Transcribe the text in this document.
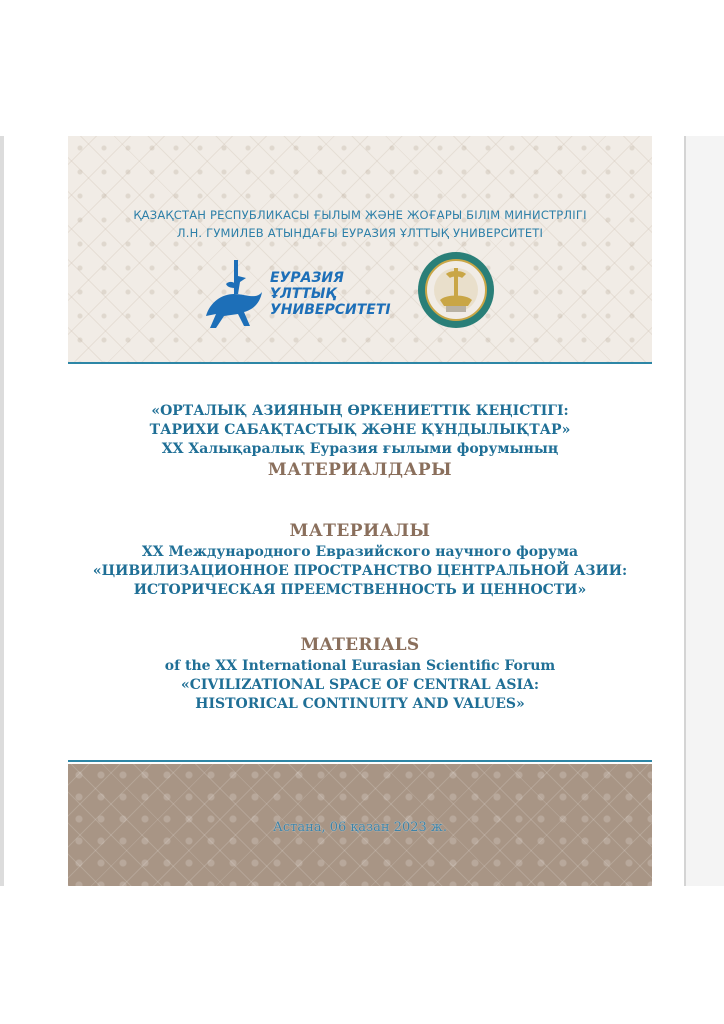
ҚАЗАҚСТАН РЕСПУБЛИКАСЫ ҒЫЛЫМ ЖӘНЕ ЖОҒАРЫ БІЛІМ МИНИСТРЛІГІ
Л.Н. ГУМИЛЕВ АТЫНДАҒЫ ЕУРАЗИЯ ҰЛТТЫҚ УНИВЕРСИТЕТІ
ЕУРАЗИЯ
ҰЛТТЫҚ
УНИВЕРСИТЕТІ
«ОРТАЛЫҚ АЗИЯНЫҢ ӨРКЕНИЕТТІК КЕҢІСТІГІ:
ТАРИХИ САБАҚТАСТЫҚ ЖӘНЕ ҚҰНДЫЛЫҚТАР»
XX Халықаралық Еуразия ғылыми форумының
МАТЕРИАЛДАРЫ
МАТЕРИАЛЫ
XX Международного Евразийского научного форума
«ЦИВИЛИЗАЦИОННОЕ ПРОСТРАНСТВО ЦЕНТРАЛЬНОЙ АЗИИ:
ИСТОРИЧЕСКАЯ ПРЕЕМСТВЕННОСТЬ И ЦЕННОСТИ»
MATERIALS
of the XX International Eurasian Scientific Forum
«CIVILIZATIONAL SPACE OF CENTRAL ASIA:
HISTORICAL CONTINUITY AND VALUES»
Астана, 06 қазан 2023 ж.
